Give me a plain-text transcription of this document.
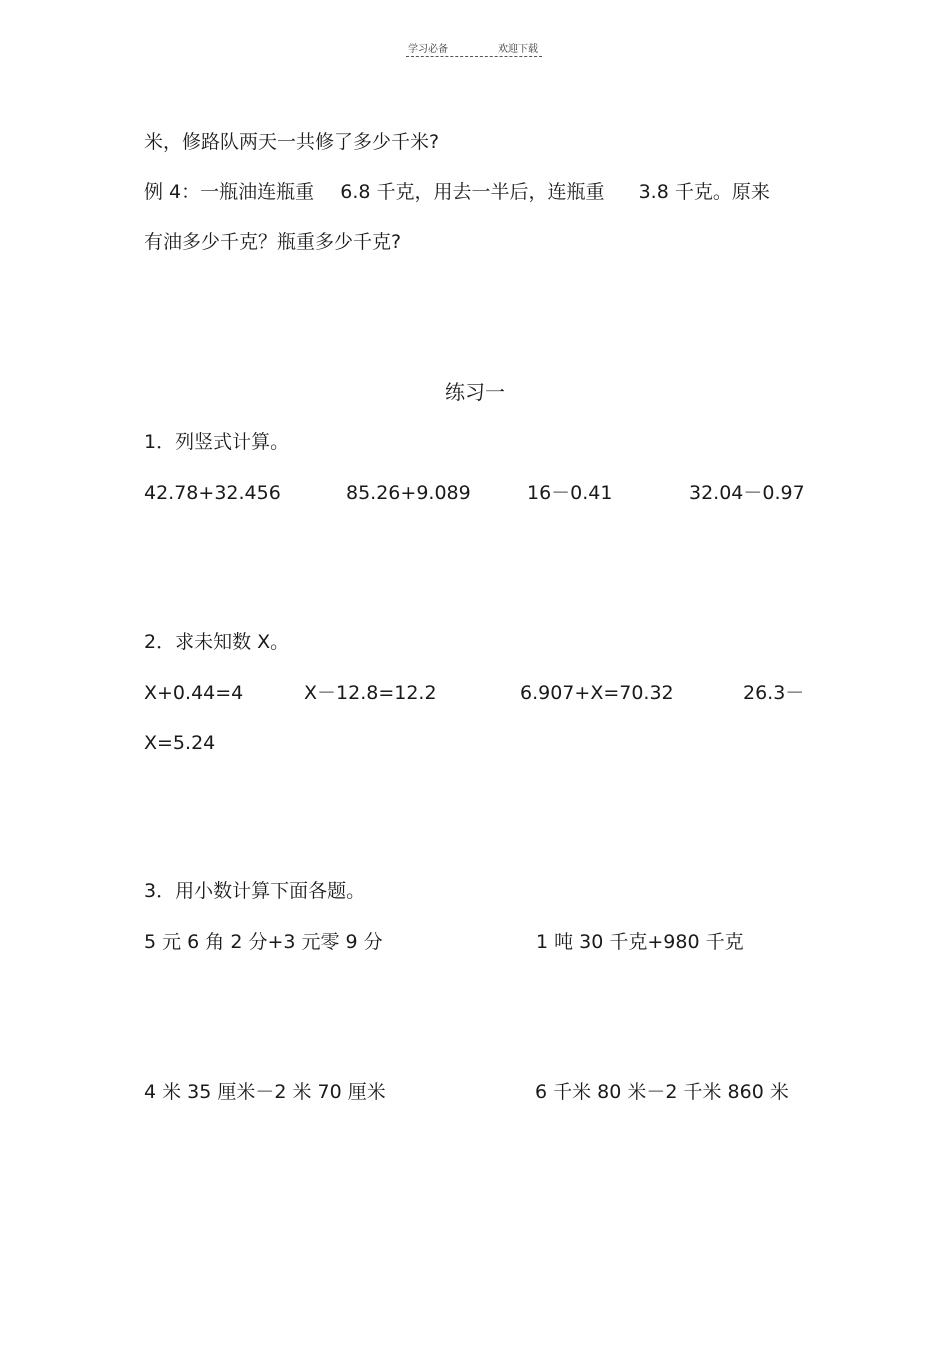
学习必备	欢迎下载
米，修路队两天一共修了多少千米?
例 4：一瓶油连瓶重 6.8 千克，用去一半后，连瓶重 3.8 千克。原来
有油多少千克？瓶重多少千克?
练习一
1．列竖式计算。
42.78+32.456	85.26+9.089	16－0.41	32.04－0.97
2．求未知数 X。
X+0.44=4	X－12.8=12.2	6.907+X=70.32	26.3－
X=5.24
3．用小数计算下面各题。
5 元 6 角 2 分+3 元零 9 分	1 吨 30 千克+980 千克
4 米 35 厘米－2 米 70 厘米	6 千米 80 米－2 千米 860 米
